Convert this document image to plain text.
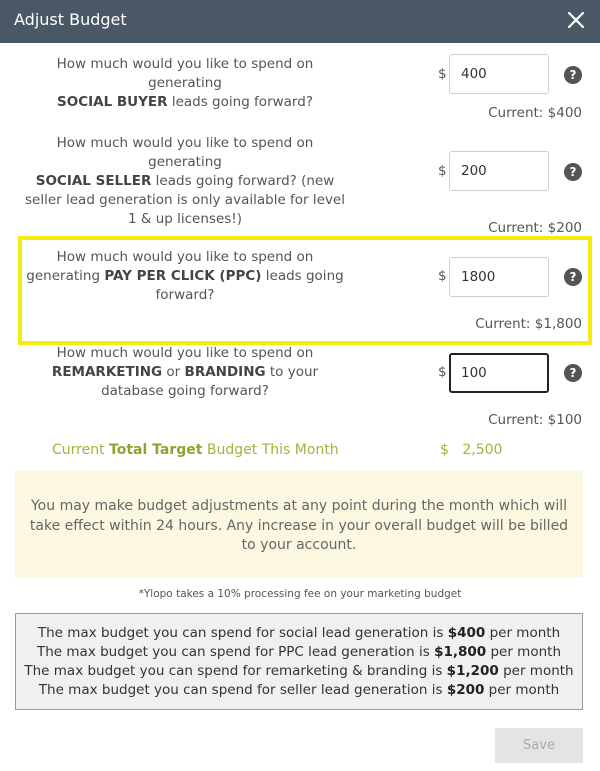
Adjust Budget
How much would you like to spend on generating
SOCIAL BUYER leads going forward?
$
400	?
Current: $400
How much would you like to spend on generating
SOCIAL SELLER leads going forward? (new seller lead generation is only available for level 1 & up licenses!)
$
200	?
Current: $200
How much would you like to spend on generating PAY PER CLICK (PPC) leads going forward?
$
1800	?
Current: $1,800
How much would you like to spend on
REMARKETING or BRANDING to your database going forward?
$
100	?
Current: $100
Current Total Target Budget This Month	$ 2,500
You may make budget adjustments at any point during the month which will take effect within 24 hours. Any increase in your overall budget will be billed to your account.
*Ylopo takes a 10% processing fee on your marketing budget
The max budget you can spend for social lead generation is $400 per month
The max budget you can spend for PPC lead generation is $1,800 per month
The max budget you can spend for remarketing & branding is $1,200 per month
The max budget you can spend for seller lead generation is $200 per month
Save
